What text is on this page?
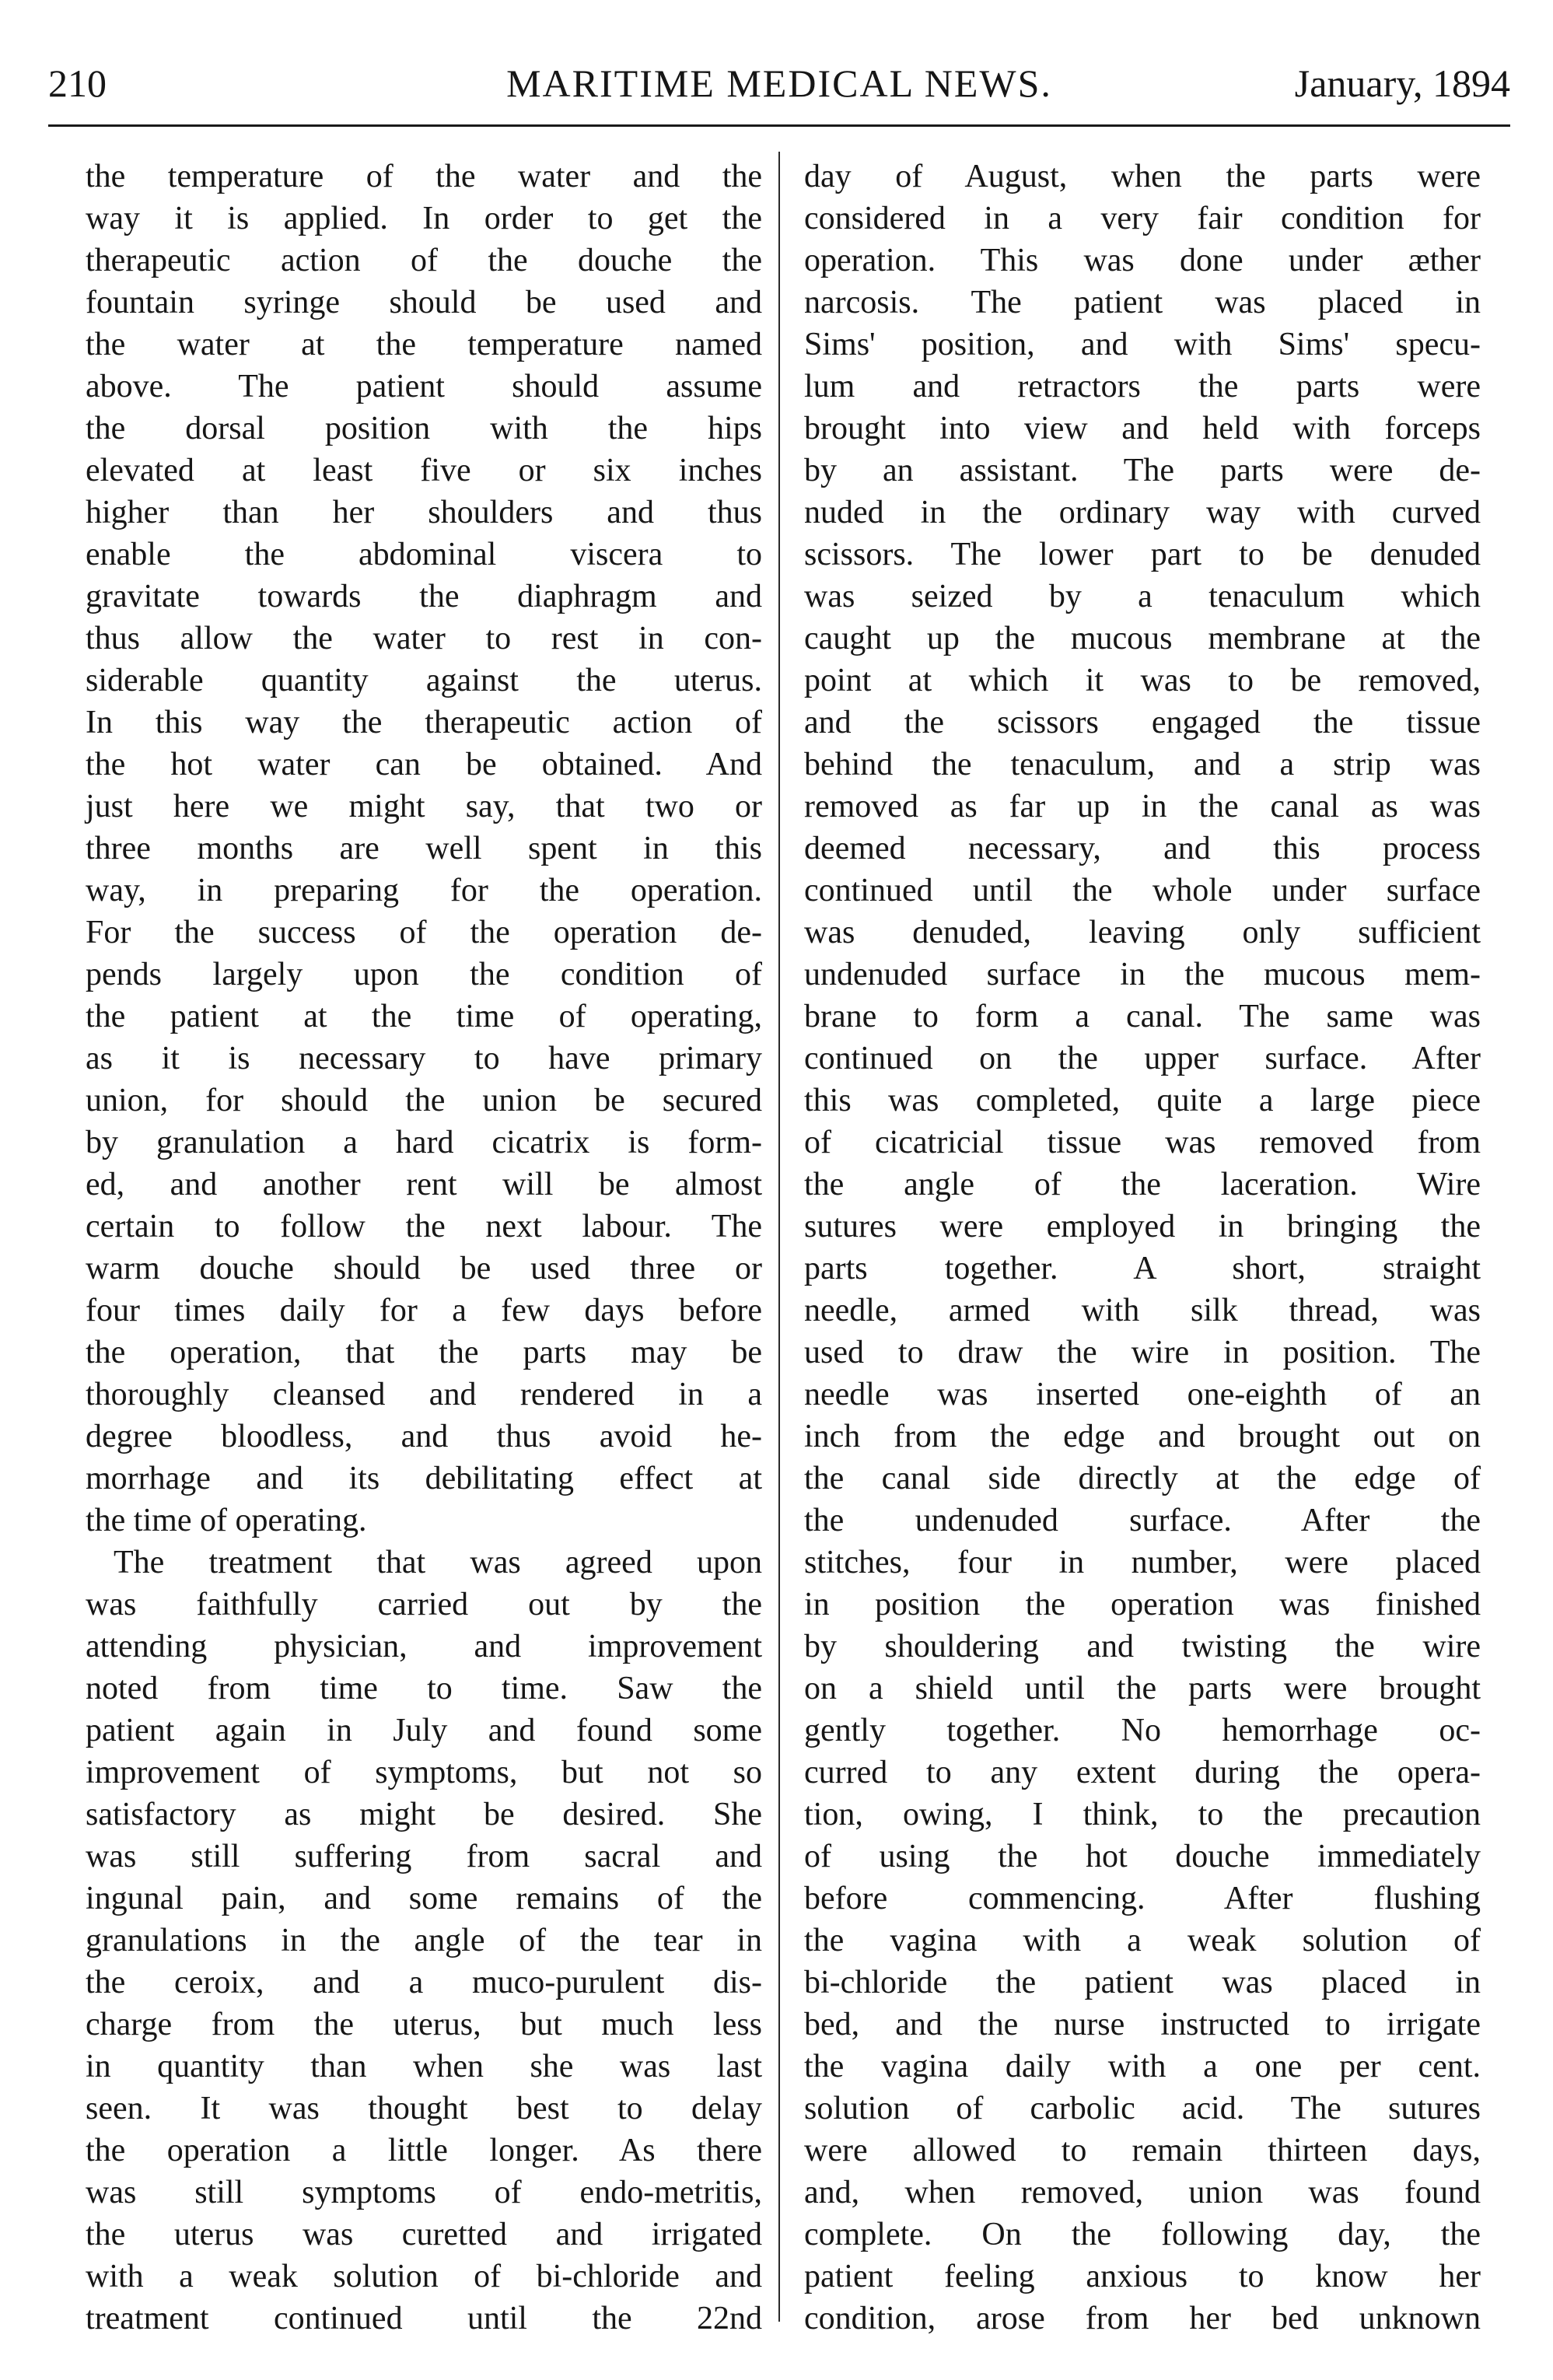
210	MARITIME MEDICAL NEWS.	January, 1894
the temperature of the water and the
way it is applied. In order to get the
therapeutic action of the douche the
fountain syringe should be used and
the water at the temperature named
above. The patient should assume
the dorsal position with the hips
elevated at least five or six inches
higher than her shoulders and thus
enable the abdominal viscera to
gravitate towards the diaphragm and
thus allow the water to rest in con-
siderable quantity against the uterus.
In this way the therapeutic action of
the hot water can be obtained. And
just here we might say, that two or
three months are well spent in this
way, in preparing for the operation.
For the success of the operation de-
pends largely upon the condition of
the patient at the time of operating,
as it is necessary to have primary
union, for should the union be secured
by granulation a hard cicatrix is form-
ed, and another rent will be almost
certain to follow the next labour. The
warm douche should be used three or
four times daily for a few days before
the operation, that the parts may be
thoroughly cleansed and rendered in a
degree bloodless, and thus avoid he-
morrhage and its debilitating effect at
the time of operating.
The treatment that was agreed upon
was faithfully carried out by the
attending physician, and improvement
noted from time to time. Saw the
patient again in July and found some
improvement of symptoms, but not so
satisfactory as might be desired. She
was still suffering from sacral and
ingunal pain, and some remains of the
granulations in the angle of the tear in
the ceroix, and a muco-purulent dis-
charge from the uterus, but much less
in quantity than when she was last
seen. It was thought best to delay
the operation a little longer. As there
was still symptoms of endo-metritis,
the uterus was curetted and irrigated
with a weak solution of bi-chloride and
treatment continued until the 22nd
day of August, when the parts were
considered in a very fair condition for
operation. This was done under æther
narcosis. The patient was placed in
Sims' position, and with Sims' specu-
lum and retractors the parts were
brought into view and held with forceps
by an assistant. The parts were de-
nuded in the ordinary way with curved
scissors. The lower part to be denuded
was seized by a tenaculum which
caught up the mucous membrane at the
point at which it was to be removed,
and the scissors engaged the tissue
behind the tenaculum, and a strip was
removed as far up in the canal as was
deemed necessary, and this process
continued until the whole under surface
was denuded, leaving only sufficient
undenuded surface in the mucous mem-
brane to form a canal. The same was
continued on the upper surface. After
this was completed, quite a large piece
of cicatricial tissue was removed from
the angle of the laceration. Wire
sutures were employed in bringing the
parts together. A short, straight
needle, armed with silk thread, was
used to draw the wire in position. The
needle was inserted one-eighth of an
inch from the edge and brought out on
the canal side directly at the edge of
the undenuded surface. After the
stitches, four in number, were placed
in position the operation was finished
by shouldering and twisting the wire
on a shield until the parts were brought
gently together. No hemorrhage oc-
curred to any extent during the opera-
tion, owing, I think, to the precaution
of using the hot douche immediately
before commencing. After flushing
the vagina with a weak solution of
bi-chloride the patient was placed in
bed, and the nurse instructed to irrigate
the vagina daily with a one per cent.
solution of carbolic acid. The sutures
were allowed to remain thirteen days,
and, when removed, union was found
complete. On the following day, the
patient feeling anxious to know her
condition, arose from her bed unknown
